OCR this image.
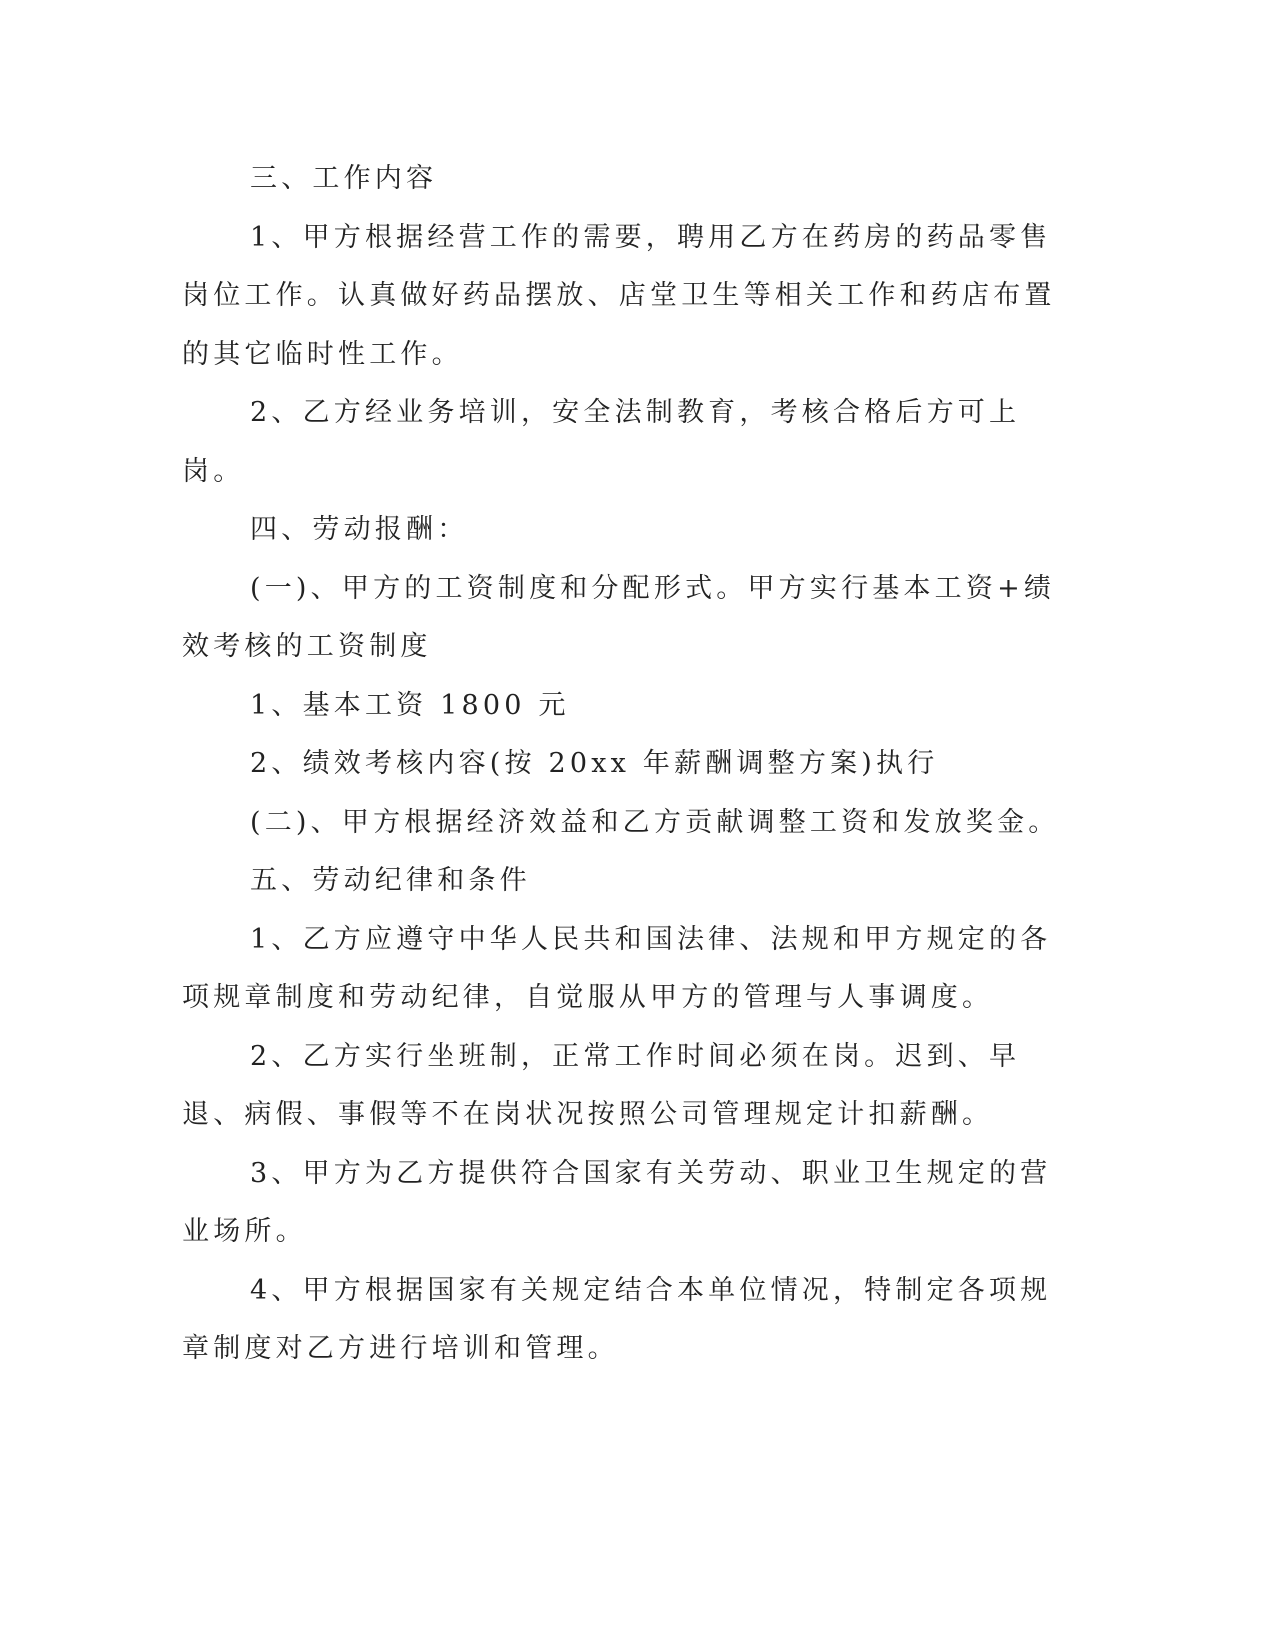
三、工作内容

1、甲方根据经营工作的需要，聘用乙方在药房的药品零售岗位工作。认真做好药品摆放、店堂卫生等相关工作和药店布置的其它临时性工作。

2、乙方经业务培训，安全法制教育，考核合格后方可上岗。

四、劳动报酬：

(一)、甲方的工资制度和分配形式。甲方实行基本工资+绩效考核的工资制度

1、基本工资 1800 元

2、绩效考核内容(按 20xx 年薪酬调整方案)执行

(二)、甲方根据经济效益和乙方贡献调整工资和发放奖金。

五、劳动纪律和条件

1、乙方应遵守中华人民共和国法律、法规和甲方规定的各项规章制度和劳动纪律，自觉服从甲方的管理与人事调度。

2、乙方实行坐班制，正常工作时间必须在岗。迟到、早退、病假、事假等不在岗状况按照公司管理规定计扣薪酬。

3、甲方为乙方提供符合国家有关劳动、职业卫生规定的营业场所。

4、甲方根据国家有关规定结合本单位情况，特制定各项规章制度对乙方进行培训和管理。
